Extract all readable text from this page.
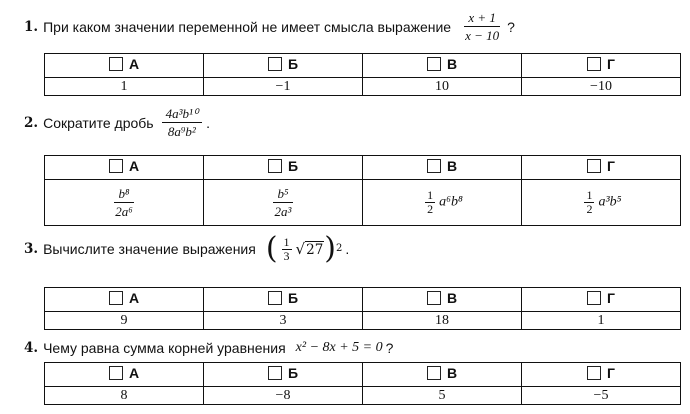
1. При каком значении переменной не имеет смысла выражение $\frac{x + 1}{x - 10}$ ?
А	Б	В	Г

1	−1	10	−10
2. Сократите дробь $\frac{\text{4a³b¹⁰}}{\text{8a⁹b²}}$ .
А	Б	В	Г

$\frac{\text{b⁸}}{\text{2a⁶}}$	$\frac{\text{b⁵}}{\text{2a³}}$	$\frac{1}{2} a^6b^8$	$\frac{1}{2} a^3b^5$
3. Вычислите значение выражения ( $\frac{1}{3}$ √ 27 ) 2 .
А	Б	В	Г

9	3	18	1
4. Чему равна сумма корней уравнения x² − 8x + 5 = 0 ?
А	Б	В	Г

8	−8	5	−5
